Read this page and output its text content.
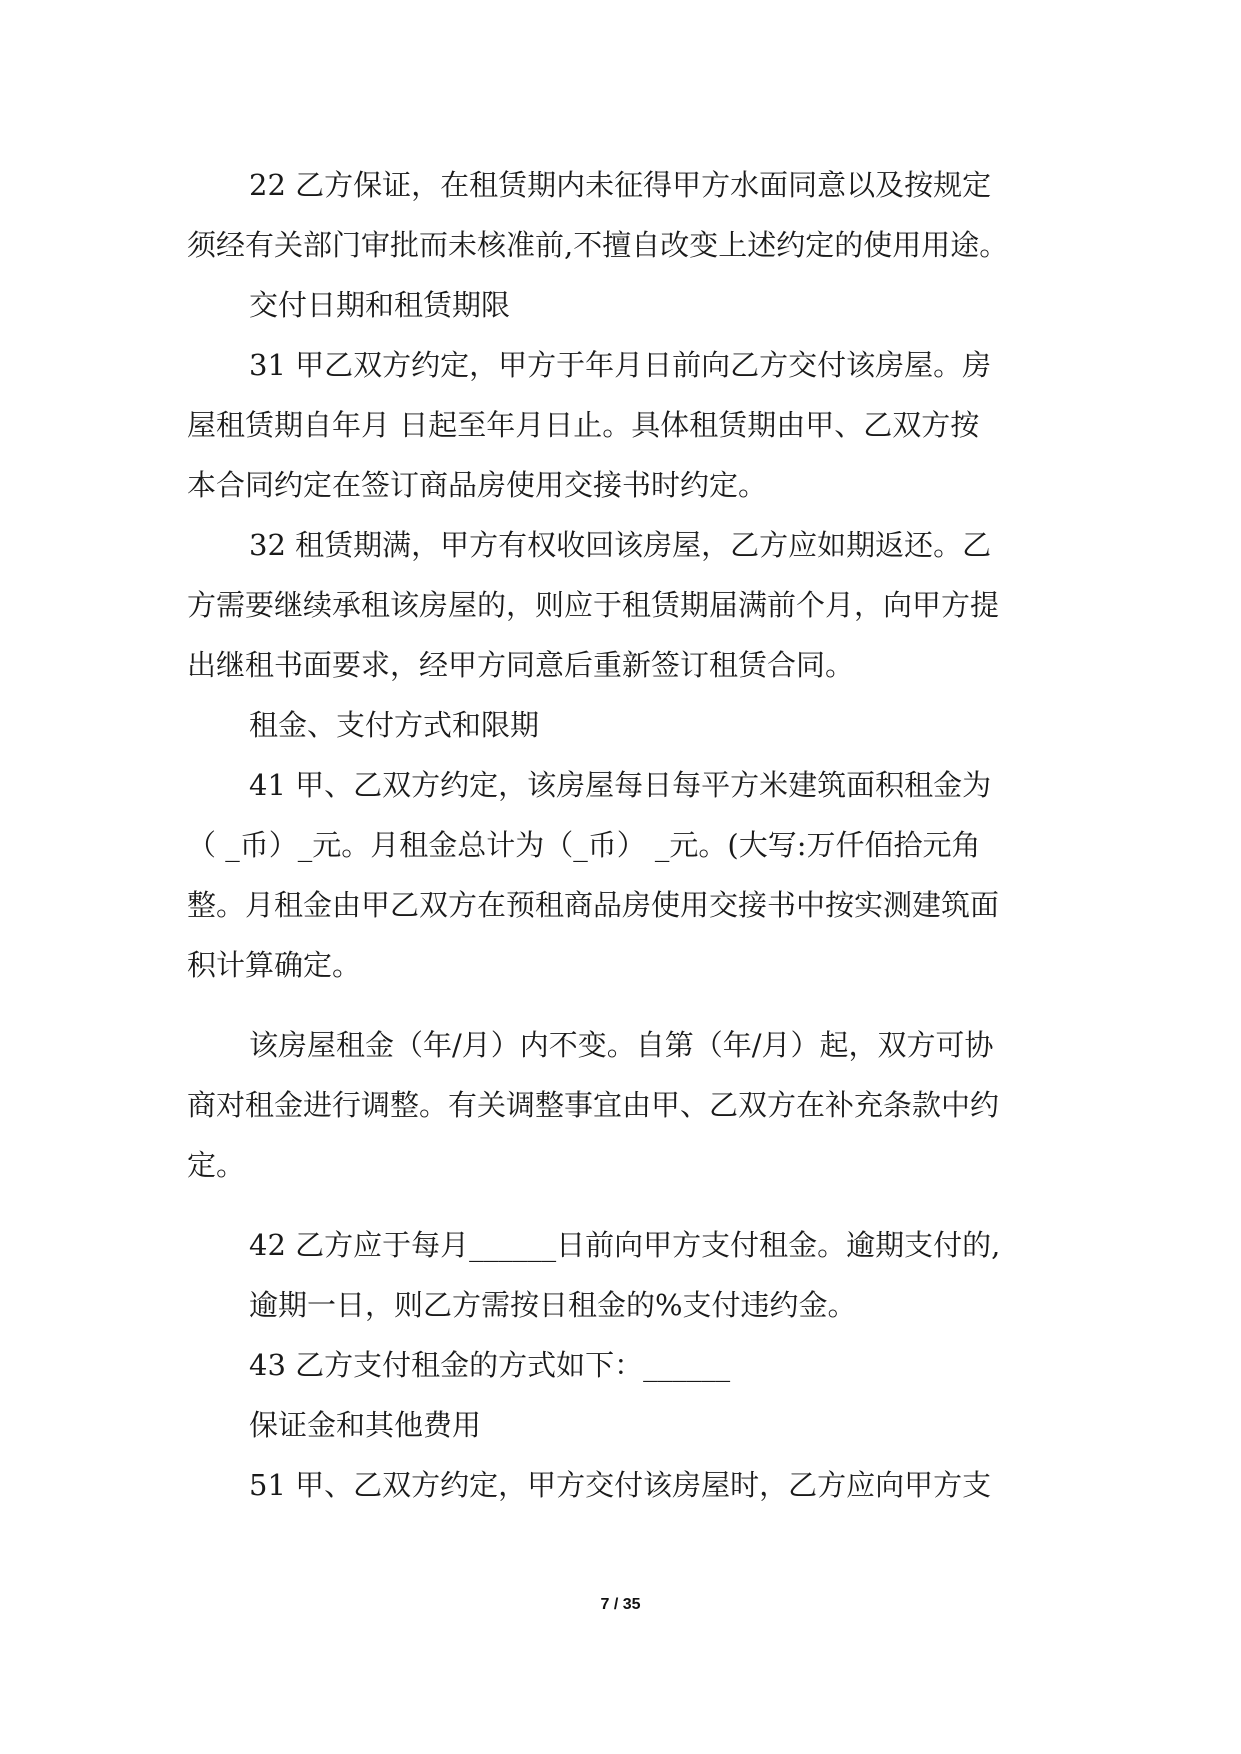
22 乙方保证，在租赁期内未征得甲方水面同意以及按规定
须经有关部门审批而未核准前,不擅自改变上述约定的使用用途。
交付日期和租赁期限
31 甲乙双方约定，甲方于年月日前向乙方交付该房屋。房
屋租赁期自年月 日起至年月日止。具体租赁期由甲、乙双方按
本合同约定在签订商品房使用交接书时约定。
32 租赁期满，甲方有权收回该房屋，乙方应如期返还。乙
方需要继续承租该房屋的，则应于租赁期届满前个月，向甲方提
出继租书面要求，经甲方同意后重新签订租赁合同。
租金、支付方式和限期
41 甲、乙双方约定，该房屋每日每平方米建筑面积租金为
（ _币）_元。月租金总计为（_币） _元。(大写:万仟佰拾元角
整。月租金由甲乙双方在预租商品房使用交接书中按实测建筑面
积计算确定。
该房屋租金（年/月）内不变。自第（年/月）起，双方可协
商对租金进行调整。有关调整事宜由甲、乙双方在补充条款中约
定。
42 乙方应于每月______日前向甲方支付租金。逾期支付的,
逾期一日，则乙方需按日租金的%支付违约金。
43 乙方支付租金的方式如下：______
保证金和其他费用
51 甲、乙双方约定，甲方交付该房屋时，乙方应向甲方支
7 / 35
